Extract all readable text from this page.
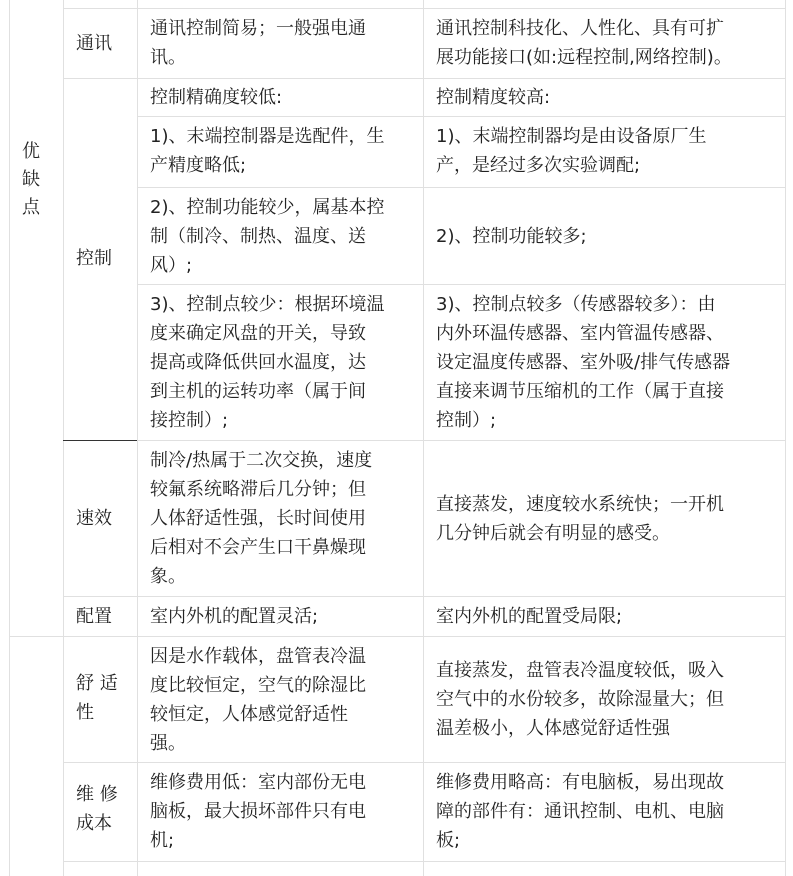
优
缺
点
通讯
通讯控制简易；一般强电通
讯。
通讯控制科技化、人性化、具有可扩
展功能接口(如:远程控制,网络控制)。
控制
控制精确度较低:	控制精度较高:
1)、末端控制器是选配件，生
产精度略低;
1)、末端控制器均是由设备原厂生
产，是经过多次实验调配;
2)、控制功能较少，属基本控
制（制冷、制热、温度、送
风）;
2)、控制功能较多;
3)、控制点较少：根据环境温
度来确定风盘的开关，导致
提高或降低供回水温度，达
到主机的运转功率（属于间
接控制）;
3)、控制点较多（传感器较多）：由
内外环温传感器、室内管温传感器、
设定温度传感器、室外吸/排气传感器
直接来调节压缩机的工作（属于直接
控制）;
速效
制冷/热属于二次交换，速度
较氟系统略滞后几分钟；但
人体舒适性强，长时间使用
后相对不会产生口干鼻燥现
象。
直接蒸发，速度较水系统快；一开机
几分钟后就会有明显的感受。
配置 室内外机的配置灵活;	室内外机的配置受局限;
舒 适
性
因是水作载体，盘管表冷温
度比较恒定，空气的除湿比
较恒定，人体感觉舒适性
强。
直接蒸发，盘管表冷温度较低，吸入
空气中的水份较多，故除湿量大；但
温差极小，人体感觉舒适性强
维 修
成本
维修费用低：室内部份无电
脑板，最大损坏部件只有电
机;
维修费用略高：有电脑板，易出现故
障的部件有：通讯控制、电机、电脑
板;
